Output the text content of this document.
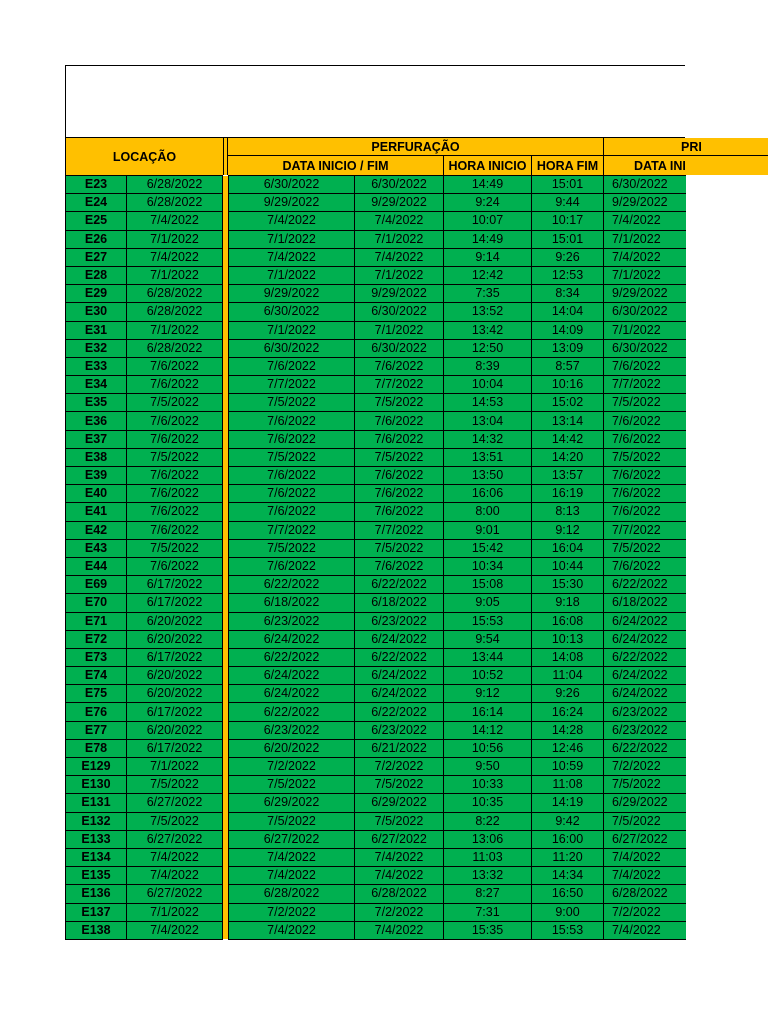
LOCAÇÃO
PERFURAÇÃO	PRI
DATA INICIO / FIM	HORA INICIO HORA FIM	DATA INI
E23	6/28/2022		6/30/2022	6/30/2022	14:49	15:01	6/30/2022
E24	6/28/2022		9/29/2022	9/29/2022	9:24	9:44	9/29/2022
E25	7/4/2022		7/4/2022	7/4/2022	10:07	10:17	7/4/2022
E26	7/1/2022		7/1/2022	7/1/2022	14:49	15:01	7/1/2022
E27	7/4/2022		7/4/2022	7/4/2022	9:14	9:26	7/4/2022
E28	7/1/2022		7/1/2022	7/1/2022	12:42	12:53	7/1/2022
E29	6/28/2022		9/29/2022	9/29/2022	7:35	8:34	9/29/2022
E30	6/28/2022		6/30/2022	6/30/2022	13:52	14:04	6/30/2022
E31	7/1/2022		7/1/2022	7/1/2022	13:42	14:09	7/1/2022
E32	6/28/2022		6/30/2022	6/30/2022	12:50	13:09	6/30/2022
E33	7/6/2022		7/6/2022	7/6/2022	8:39	8:57	7/6/2022
E34	7/6/2022		7/7/2022	7/7/2022	10:04	10:16	7/7/2022
E35	7/5/2022		7/5/2022	7/5/2022	14:53	15:02	7/5/2022
E36	7/6/2022		7/6/2022	7/6/2022	13:04	13:14	7/6/2022
E37	7/6/2022		7/6/2022	7/6/2022	14:32	14:42	7/6/2022
E38	7/5/2022		7/5/2022	7/5/2022	13:51	14:20	7/5/2022
E39	7/6/2022		7/6/2022	7/6/2022	13:50	13:57	7/6/2022
E40	7/6/2022		7/6/2022	7/6/2022	16:06	16:19	7/6/2022
E41	7/6/2022		7/6/2022	7/6/2022	8:00	8:13	7/6/2022
E42	7/6/2022		7/7/2022	7/7/2022	9:01	9:12	7/7/2022
E43	7/5/2022		7/5/2022	7/5/2022	15:42	16:04	7/5/2022
E44	7/6/2022		7/6/2022	7/6/2022	10:34	10:44	7/6/2022
E69	6/17/2022		6/22/2022	6/22/2022	15:08	15:30	6/22/2022
E70	6/17/2022		6/18/2022	6/18/2022	9:05	9:18	6/18/2022
E71	6/20/2022		6/23/2022	6/23/2022	15:53	16:08	6/24/2022
E72	6/20/2022		6/24/2022	6/24/2022	9:54	10:13	6/24/2022
E73	6/17/2022		6/22/2022	6/22/2022	13:44	14:08	6/22/2022
E74	6/20/2022		6/24/2022	6/24/2022	10:52	11:04	6/24/2022
E75	6/20/2022		6/24/2022	6/24/2022	9:12	9:26	6/24/2022
E76	6/17/2022		6/22/2022	6/22/2022	16:14	16:24	6/23/2022
E77	6/20/2022		6/23/2022	6/23/2022	14:12	14:28	6/23/2022
E78	6/17/2022		6/20/2022	6/21/2022	10:56	12:46	6/22/2022
E129	7/1/2022		7/2/2022	7/2/2022	9:50	10:59	7/2/2022
E130	7/5/2022		7/5/2022	7/5/2022	10:33	11:08	7/5/2022
E131	6/27/2022		6/29/2022	6/29/2022	10:35	14:19	6/29/2022
E132	7/5/2022		7/5/2022	7/5/2022	8:22	9:42	7/5/2022
E133	6/27/2022		6/27/2022	6/27/2022	13:06	16:00	6/27/2022
E134	7/4/2022		7/4/2022	7/4/2022	11:03	11:20	7/4/2022
E135	7/4/2022		7/4/2022	7/4/2022	13:32	14:34	7/4/2022
E136	6/27/2022		6/28/2022	6/28/2022	8:27	16:50	6/28/2022
E137	7/1/2022		7/2/2022	7/2/2022	7:31	9:00	7/2/2022
E138	7/4/2022		7/4/2022	7/4/2022	15:35	15:53	7/4/2022
